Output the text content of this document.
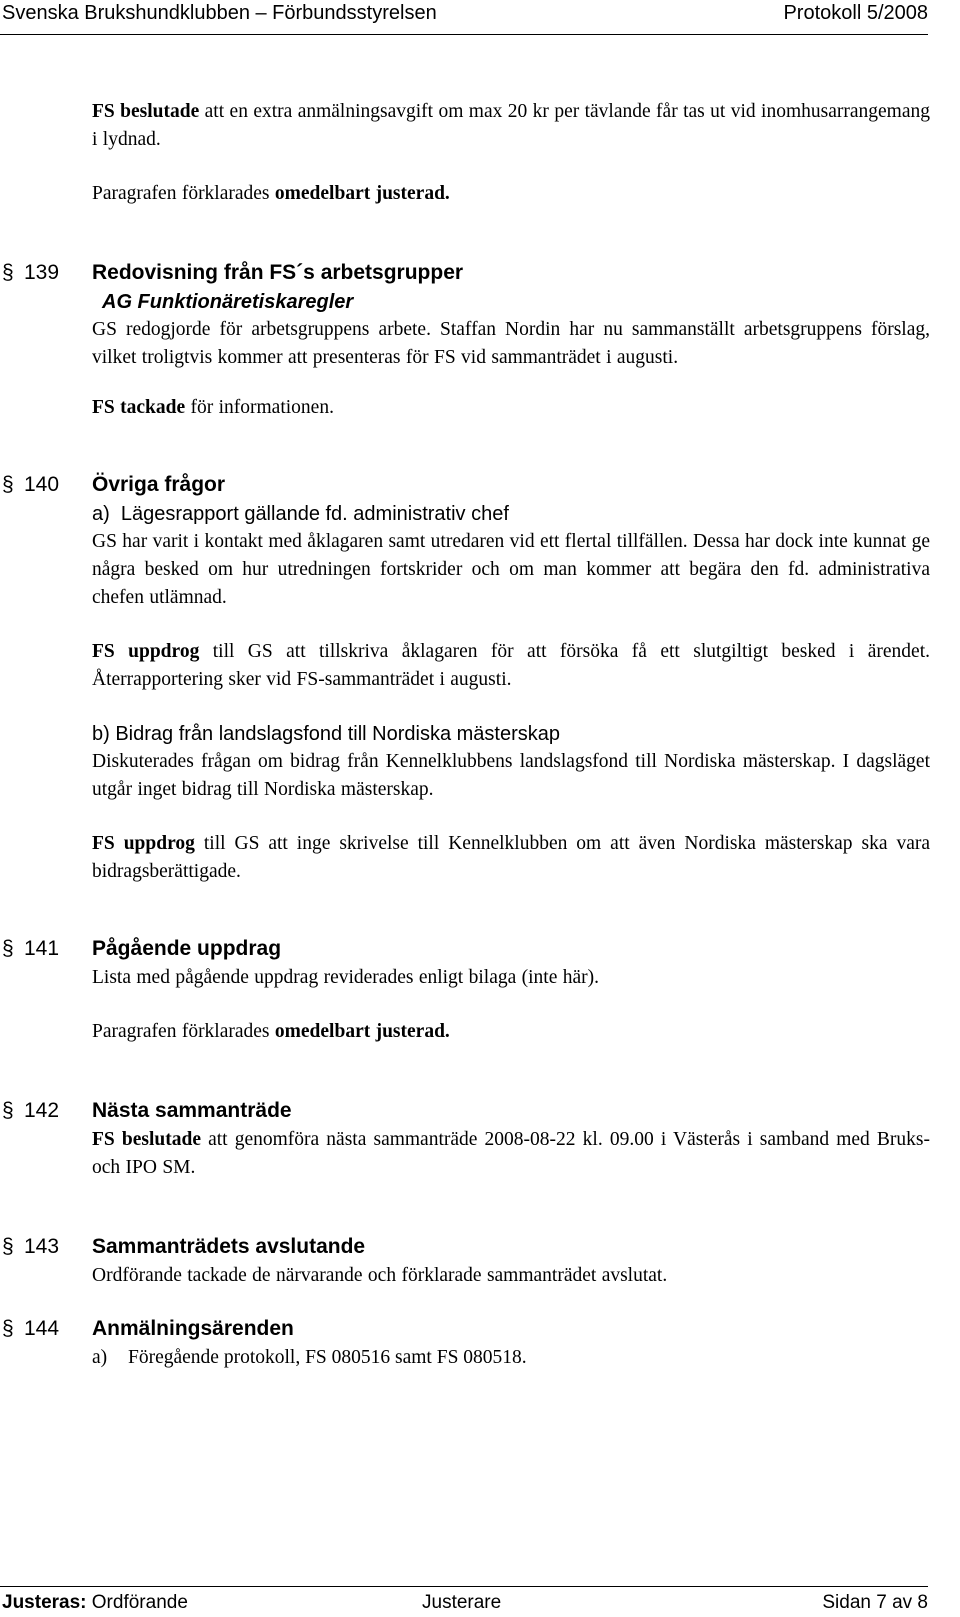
Svenska Brukshundklubben – Förbundsstyrelsen	Protokoll 5/2008

FS beslutade att en extra anmälningsavgift om max 20 kr per tävlande får tas ut vid inomhusarrangemang i lydnad.

Paragrafen förklarades omedelbart justerad.

§ 139 Redovisning från FS´s arbetsgrupper

AG Funktionäretiskaregler

GS redogjorde för arbetsgruppens arbete. Staffan Nordin har nu sammanställt arbetsgruppens förslag, vilket troligtvis kommer att presenteras för FS vid sammanträdet i augusti.

FS tackade för informationen.

§ 140 Övriga frågor

a)  Lägesrapport gällande fd. administrativ chef

GS har varit i kontakt med åklagaren samt utredaren vid ett flertal tillfällen. Dessa har dock inte kunnat ge några besked om hur utredningen fortskrider och om man kommer att begära den fd. administrativa chefen utlämnad.

FS uppdrog till GS att tillskriva åklagaren för att försöka få ett slutgiltigt besked i ärendet. Återrapportering sker vid FS-sammanträdet i augusti.

b) Bidrag från landslagsfond till Nordiska mästerskap

Diskuterades frågan om bidrag från Kennelklubbens landslagsfond till Nordiska mästerskap. I dagsläget utgår inget bidrag till Nordiska mästerskap.

FS uppdrog till GS att inge skrivelse till Kennelklubben om att även Nordiska mästerskap ska vara bidragsberättigade.

§ 141 Pågående uppdrag

Lista med pågående uppdrag reviderades enligt bilaga (inte här).

Paragrafen förklarades omedelbart justerad.

§ 142 Nästa sammanträde

FS beslutade att genomföra nästa sammanträde 2008-08-22 kl. 09.00 i Västerås i samband med Bruks- och IPO SM.

§ 143 Sammanträdets avslutande

Ordförande tackade de närvarande och förklarade sammanträdet avslutat.

§ 144 Anmälningsärenden

a) Föregående protokoll, FS 080516 samt FS 080518.

Justeras: Ordförande	Justerare	Sidan 7 av 8
